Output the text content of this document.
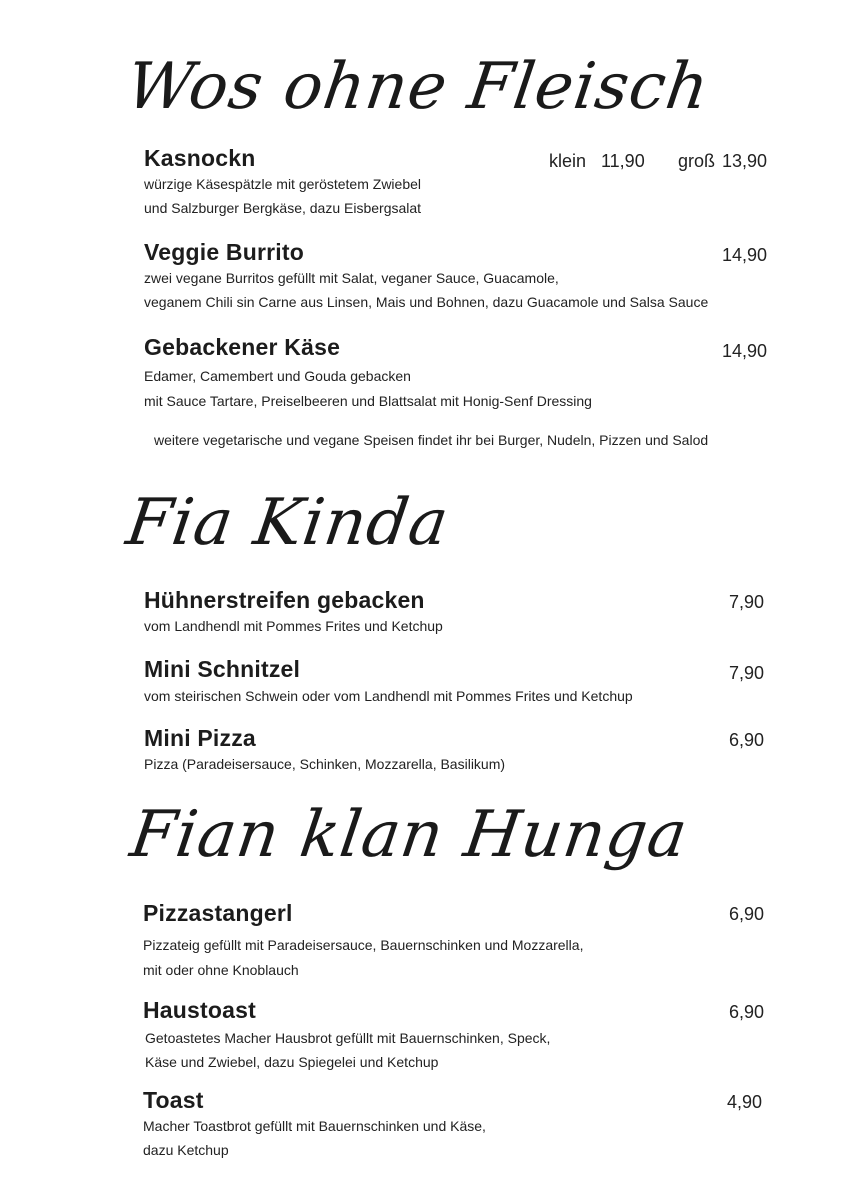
Wos ohne Fleisch
Kasnockn	klein 11,90 groß 13,90
würzige Käsespätzle mit geröstetem Zwiebel
und Salzburger Bergkäse, dazu Eisbergsalat
Veggie Burrito	14,90
zwei vegane Burritos gefüllt mit Salat, veganer Sauce, Guacamole,
veganem Chili sin Carne aus Linsen, Mais und Bohnen, dazu Guacamole und Salsa Sauce
Gebackener Käse	14,90
Edamer, Camembert und Gouda gebacken
mit Sauce Tartare, Preiselbeeren und Blattsalat mit Honig-Senf Dressing
weitere vegetarische und vegane Speisen findet ihr bei Burger, Nudeln, Pizzen und Salod
Fia Kinda
Hühnerstreifen gebacken	7,90
vom Landhendl mit Pommes Frites und Ketchup
Mini Schnitzel	7,90
vom steirischen Schwein oder vom Landhendl mit Pommes Frites und Ketchup
Mini Pizza	6,90
Pizza (Paradeisersauce, Schinken, Mozzarella, Basilikum)
Fian klan Hunga
Pizzastangerl	6,90
Pizzateig gefüllt mit Paradeisersauce, Bauernschinken und Mozzarella,
mit oder ohne Knoblauch
Haustoast	6,90
Getoastetes Macher Hausbrot gefüllt mit Bauernschinken, Speck,
Käse und Zwiebel, dazu Spiegelei und Ketchup
Toast	4,90
Macher Toastbrot gefüllt mit Bauernschinken und Käse,
dazu Ketchup
